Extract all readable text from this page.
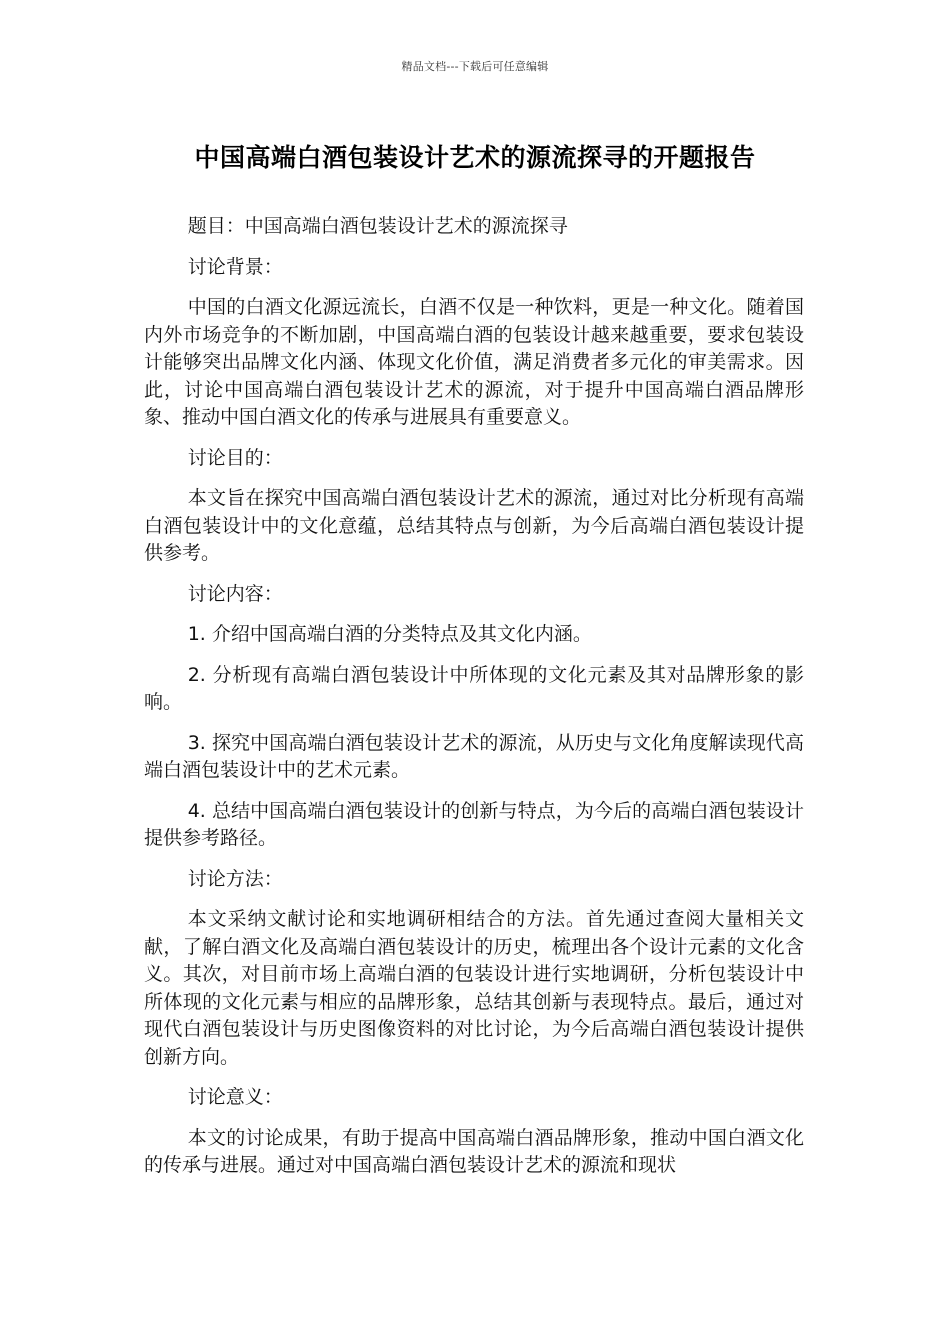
精品文档---下载后可任意编辑
中国高端白酒包装设计艺术的源流探寻的开题报告

题目：中国高端白酒包装设计艺术的源流探寻

讨论背景：

中国的白酒文化源远流长，白酒不仅是一种饮料，更是一种文化。随着国内外市场竞争的不断加剧，中国高端白酒的包装设计越来越重要，要求包装设计能够突出品牌文化内涵、体现文化价值，满足消费者多元化的审美需求。因此，讨论中国高端白酒包装设计艺术的源流，对于提升中国高端白酒品牌形象、推动中国白酒文化的传承与进展具有重要意义。

讨论目的：

本文旨在探究中国高端白酒包装设计艺术的源流，通过对比分析现有高端白酒包装设计中的文化意蕴，总结其特点与创新，为今后高端白酒包装设计提供参考。

讨论内容：

1. 介绍中国高端白酒的分类特点及其文化内涵。

2. 分析现有高端白酒包装设计中所体现的文化元素及其对品牌形象的影响。

3. 探究中国高端白酒包装设计艺术的源流，从历史与文化角度解读现代高端白酒包装设计中的艺术元素。

4. 总结中国高端白酒包装设计的创新与特点，为今后的高端白酒包装设计提供参考路径。

讨论方法：

本文采纳文献讨论和实地调研相结合的方法。首先通过查阅大量相关文献，了解白酒文化及高端白酒包装设计的历史，梳理出各个设计元素的文化含义。其次，对目前市场上高端白酒的包装设计进行实地调研，分析包装设计中所体现的文化元素与相应的品牌形象，总结其创新与表现特点。最后，通过对现代白酒包装设计与历史图像资料的对比讨论，为今后高端白酒包装设计提供创新方向。

讨论意义：

本文的讨论成果，有助于提高中国高端白酒品牌形象，推动中国白酒文化的传承与进展。通过对中国高端白酒包装设计艺术的源流和现状
